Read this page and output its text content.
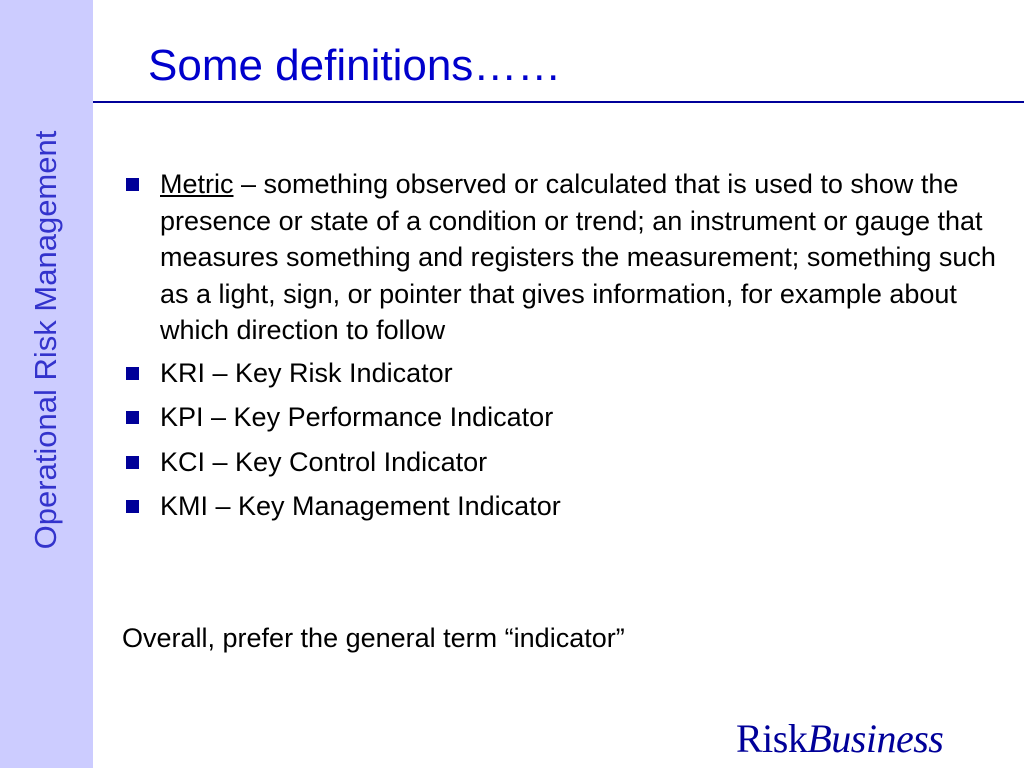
Operational Risk Management
Some definitions……
Metric – something observed or calculated that is used to show the presence or state of a condition or trend; an instrument or gauge that measures something and registers the measurement; something such as a light, sign, or pointer that gives information, for example about which direction to follow
KRI – Key Risk Indicator
KPI – Key Performance Indicator
KCI – Key Control Indicator
KMI – Key Management Indicator

Overall, prefer the general term “indicator”

RiskBusiness
